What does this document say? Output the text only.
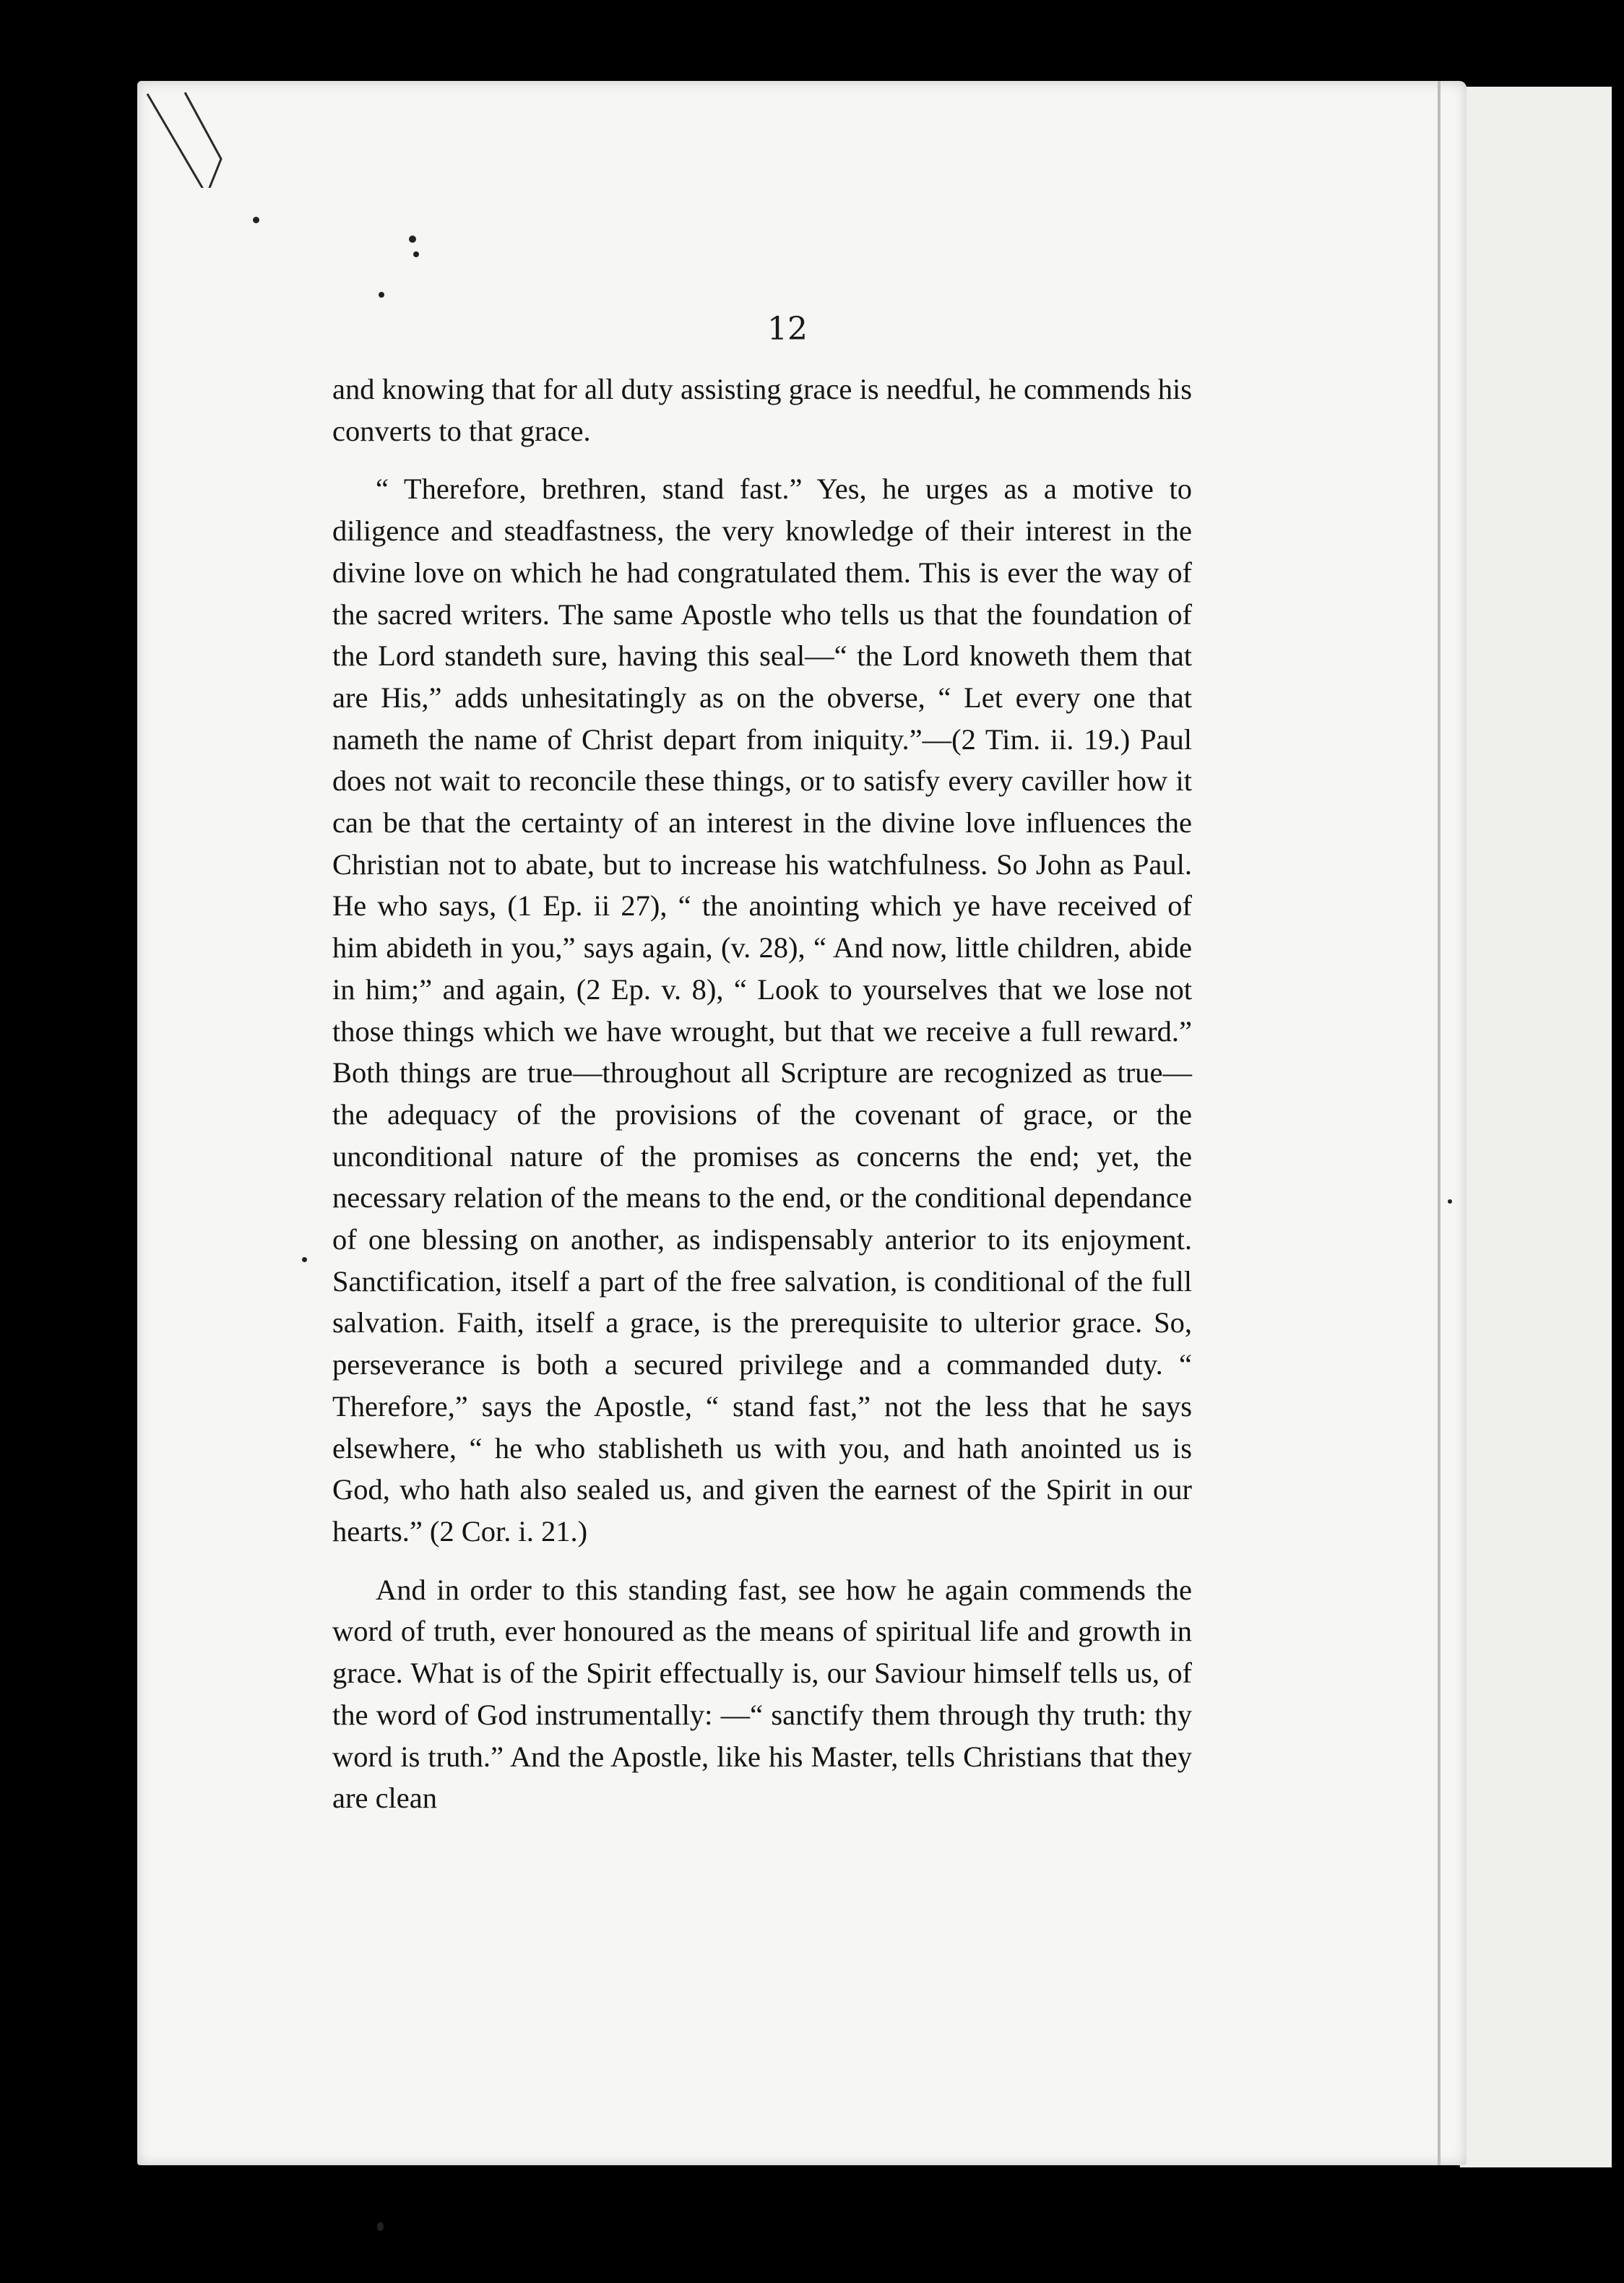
12

and knowing that for all duty assisting grace is needful, he commends his converts to that grace.

“ Therefore, brethren, stand fast.” Yes, he urges as a motive to diligence and steadfastness, the very knowledge of their interest in the divine love on which he had congratulated them. This is ever the way of the sacred writers. The same Apostle who tells us that the foundation of the Lord standeth sure, having this seal—“ the Lord knoweth them that are His,” adds unhesitatingly as on the obverse, “ Let every one that nameth the name of Christ depart from iniquity.”—(2 Tim. ii. 19.) Paul does not wait to reconcile these things, or to satisfy every caviller how it can be that the certainty of an interest in the divine love influences the Christian not to abate, but to increase his watchfulness. So John as Paul. He who says, (1 Ep. ii 27), “ the anointing which ye have received of him abideth in you,” says again, (v. 28), “ And now, little children, abide in him;” and again, (2 Ep. v. 8), “ Look to yourselves that we lose not those things which we have wrought, but that we receive a full reward.” Both things are true—throughout all Scripture are recognized as true—the adequacy of the provisions of the covenant of grace, or the unconditional nature of the promises as concerns the end; yet, the necessary relation of the means to the end, or the conditional dependance of one blessing on another, as indispensably anterior to its enjoyment. Sanctification, itself a part of the free salvation, is conditional of the full salvation. Faith, itself a grace, is the prerequisite to ulterior grace. So, perseverance is both a secured privilege and a commanded duty. “ Therefore,” says the Apostle, “ stand fast,” not the less that he says elsewhere, “ he who stablisheth us with you, and hath anointed us is God, who hath also sealed us, and given the earnest of the Spirit in our hearts.” (2 Cor. i. 21.)

And in order to this standing fast, see how he again commends the word of truth, ever honoured as the means of spiritual life and growth in grace. What is of the Spirit effectually is, our Saviour himself tells us, of the word of God instrumentally: —“ sanctify them through thy truth: thy word is truth.” And the Apostle, like his Master, tells Christians that they are clean
